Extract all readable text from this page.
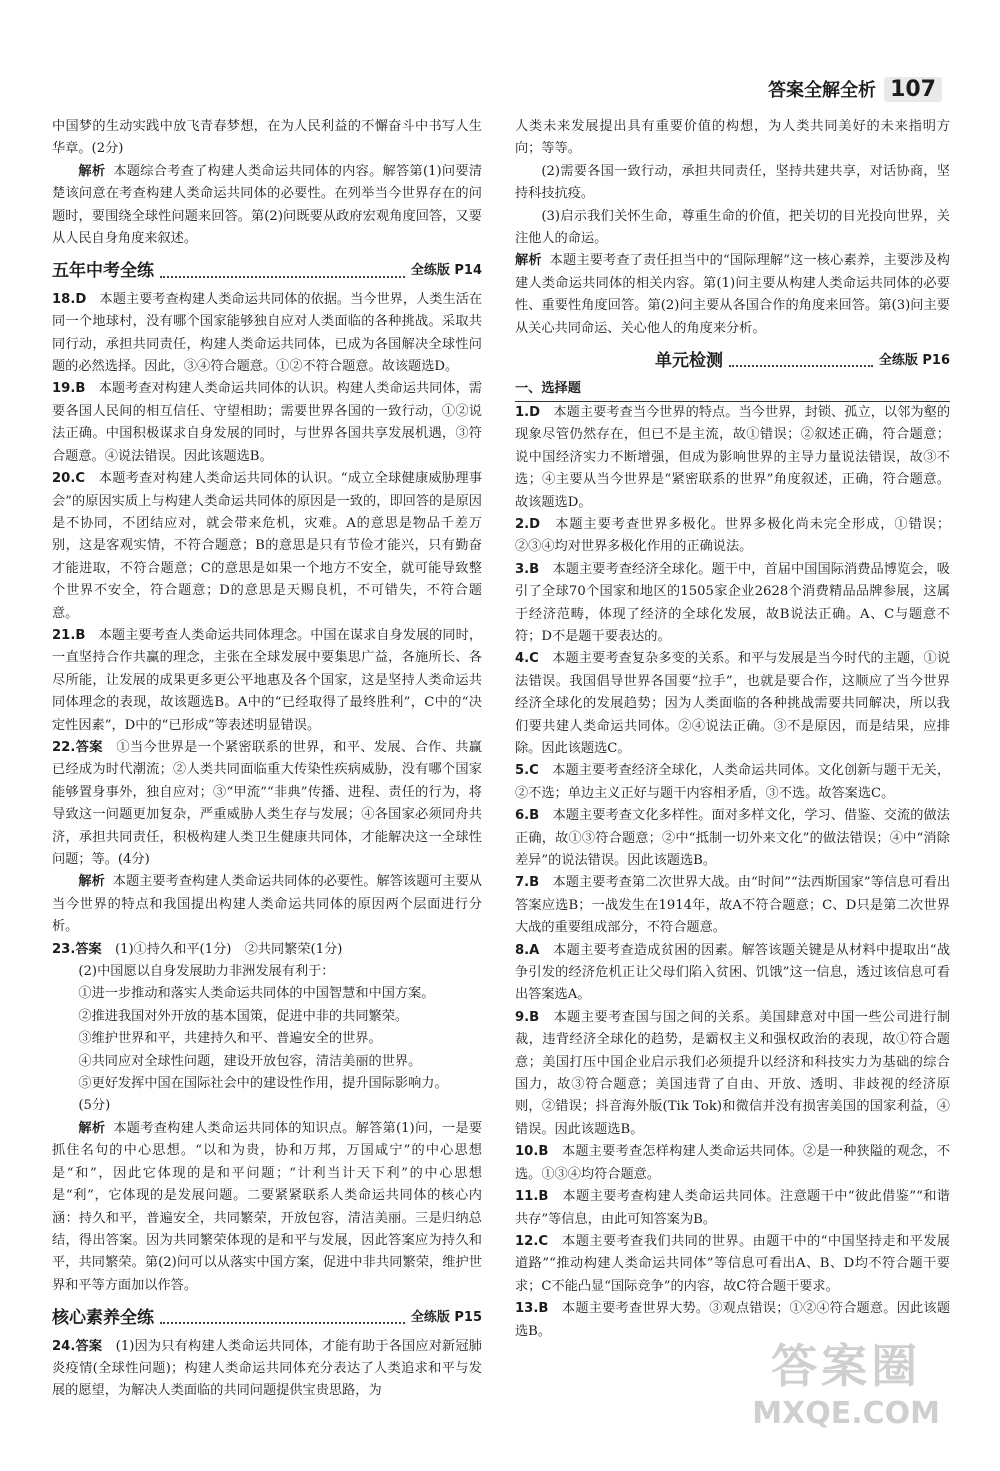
答案全解全析 107

中国梦的生动实践中放飞青春梦想，在为人民利益的不懈奋斗中书写人生华章。(2分)

解析 本题综合考查了构建人类命运共同体的内容。解答第(1)问要清楚该问意在考查构建人类命运共同体的必要性。在列举当今世界存在的问题时，要围绕全球性问题来回答。第(2)问既要从政府宏观角度回答，又要从人民自身角度来叙述。

五年中考全练	全练版 P14

18.D　 本题主要考查构建人类命运共同体的依据。当今世界，人类生活在同一个地球村，没有哪个国家能够独自应对人类面临的各种挑战。采取共同行动，承担共同责任，构建人类命运共同体，已成为各国解决全球性问题的必然选择。因此，③④符合题意。①②不符合题意。故该题选D。

19.B　 本题考查对构建人类命运共同体的认识。构建人类命运共同体，需要各国人民间的相互信任、守望相助；需要世界各国的一致行动，①②说法正确。中国积极谋求自身发展的同时，与世界各国共享发展机遇，③符合题意。④说法错误。因此该题选B。

20.C　 本题考查对构建人类命运共同体的认识。“成立全球健康威胁理事会”的原因实质上与构建人类命运共同体的原因是一致的，即回答的是原因是不协同，不团结应对，就会带来危机，灾难。A的意思是物品千差万别，这是客观实情，不符合题意；B的意思是只有节俭才能兴，只有勤奋才能进取，不符合题意；C的意思是如果一个地方不安全，就可能导致整个世界不安全，符合题意；D的意思是天赐良机，不可错失，不符合题意。

21.B　 本题主要考查人类命运共同体理念。中国在谋求自身发展的同时，一直坚持合作共赢的理念，主张在全球发展中要集思广益，各施所长、各尽所能，让发展的成果更多更公平地惠及各个国家，这是坚持人类命运共同体理念的表现，故该题选B。A中的“已经取得了最终胜利”，C中的“决定性因素”，D中的“已形成”等表述明显错误。

22.答案　 ①当今世界是一个紧密联系的世界，和平、发展、合作、共赢已经成为时代潮流；②人类共同面临重大传染性疾病威胁，没有哪个国家能够置身事外，独自应对；③“甲流”“非典”传播、进程、责任的行为，将导致这一问题更加复杂，严重威胁人类生存与发展；④各国家必须同舟共济，承担共同责任，积极构建人类卫生健康共同体，才能解决这一全球性问题；等。(4分)

解析 本题主要考查构建人类命运共同体的必要性。解答该题可主要从当今世界的特点和我国提出构建人类命运共同体的原因两个层面进行分析。

23.答案　 (1)①持久和平(1分)　②共同繁荣(1分)

(2)中国愿以自身发展助力非洲发展有利于：

①进一步推动和落实人类命运共同体的中国智慧和中国方案。

②推进我国对外开放的基本国策，促进中非的共同繁荣。

③维护世界和平，共建持久和平、普遍安全的世界。

④共同应对全球性问题，建设开放包容，清洁美丽的世界。

⑤更好发挥中国在国际社会中的建设性作用，提升国际影响力。

(5分)

解析 本题考查构建人类命运共同体的知识点。解答第(1)问，一是要抓住名句的中心思想。“以和为贵，协和万邦，万国咸宁”的中心思想是“和”，因此它体现的是和平问题；“计利当计天下利”的中心思想是“利”，它体现的是发展问题。二要紧紧联系人类命运共同体的核心内涵：持久和平，普遍安全，共同繁荣，开放包容，清洁美丽。三是归纳总结，得出答案。因为共同繁荣体现的是和平与发展，因此答案应为持久和平，共同繁荣。第(2)问可以从落实中国方案，促进中非共同繁荣，维护世界和平等方面加以作答。

核心素养全练	全练版 P15

24.答案　 (1)因为只有构建人类命运共同体，才能有助于各国应对新冠肺炎疫情(全球性问题)；构建人类命运共同体充分表达了人类追求和平与发展的愿望，为解决人类面临的共同问题提供宝贵思路，为

人类未来发展提出具有重要价值的构想，为人类共同美好的未来指明方向；等等。

(2)需要各国一致行动，承担共同责任，坚持共建共享，对话协商，坚持科技抗疫。

(3)启示我们关怀生命，尊重生命的价值，把关切的目光投向世界，关注他人的命运。

解析 本题主要考查了责任担当中的“国际理解”这一核心素养，主要涉及构建人类命运共同体的相关内容。第(1)问主要从构建人类命运共同体的必要性、重要性角度回答。第(2)问主要从各国合作的角度来回答。第(3)问主要从关心共同命运、关心他人的角度来分析。

单元检测	全练版 P16

一、选择题

1.D　 本题主要考查当今世界的特点。当今世界，封锁、孤立，以邻为壑的现象尽管仍然存在，但已不是主流，故①错误；②叙述正确，符合题意；说中国经济实力不断增强，但成为影响世界的主导力量说法错误，故③不选；④主要从当今世界是“紧密联系的世界”角度叙述，正确，符合题意。故该题选D。

2.D　 本题主要考查世界多极化。世界多极化尚未完全形成，①错误；②③④均对世界多极化作用的正确说法。

3.B　 本题主要考查经济全球化。题干中，首届中国国际消费品博览会，吸引了全球70个国家和地区的1505家企业2628个消费精品品牌参展，这属于经济范畴，体现了经济的全球化发展，故B说法正确。A、C与题意不符；D不是题干要表达的。

4.C　 本题主要考查复杂多变的关系。和平与发展是当今时代的主题，①说法错误。我国倡导世界各国要“拉手”，也就是要合作，这顺应了当今世界经济全球化的发展趋势；因为人类面临的各种挑战需要共同解决，所以我们要共建人类命运共同体。②④说法正确。③不是原因，而是结果，应排除。因此该题选C。

5.C　 本题主要考查经济全球化，人类命运共同体。文化创新与题干无关，②不选；单边主义正好与题干内容相矛盾，③不选。故答案选C。

6.B　 本题主要考查文化多样性。面对多样文化，学习、借鉴、交流的做法正确，故①③符合题意；②中“抵制一切外来文化”的做法错误；④中“消除差异”的说法错误。因此该题选B。

7.B　 本题主要考查第二次世界大战。由“时间”“法西斯国家”等信息可看出答案应选B；一战发生在1914年，故A不符合题意；C、D只是第二次世界大战的重要组成部分，不符合题意。

8.A　 本题主要考查造成贫困的因素。解答该题关键是从材料中提取出“战争引发的经济危机正让父母们陷入贫困、饥饿”这一信息，透过该信息可看出答案选A。

9.B　 本题主要考查国与国之间的关系。美国肆意对中国一些公司进行制裁，违背经济全球化的趋势，是霸权主义和强权政治的表现，故①符合题意；美国打压中国企业启示我们必须提升以经济和科技实力为基础的综合国力，故③符合题意；美国违背了自由、开放、透明、非歧视的经济原则，②错误；抖音海外版(Tik Tok)和微信并没有损害美国的国家利益，④错误。因此该题选B。

10.B　 本题主要考查怎样构建人类命运共同体。②是一种狭隘的观念，不选。①③④均符合题意。

11.B　 本题主要考查构建人类命运共同体。注意题干中“彼此借鉴”“和谐共存”等信息，由此可知答案为B。

12.C　 本题主要考查我们共同的世界。由题干中的“中国坚持走和平发展道路”“推动构建人类命运共同体”等信息可看出A、B、D均不符合题干要求；C不能凸显“国际竞争”的内容，故C符合题干要求。

13.B　 本题主要考查世界大势。③观点错误；①②④符合题意。因此该题选B。

答案圈
MXQE.COM
